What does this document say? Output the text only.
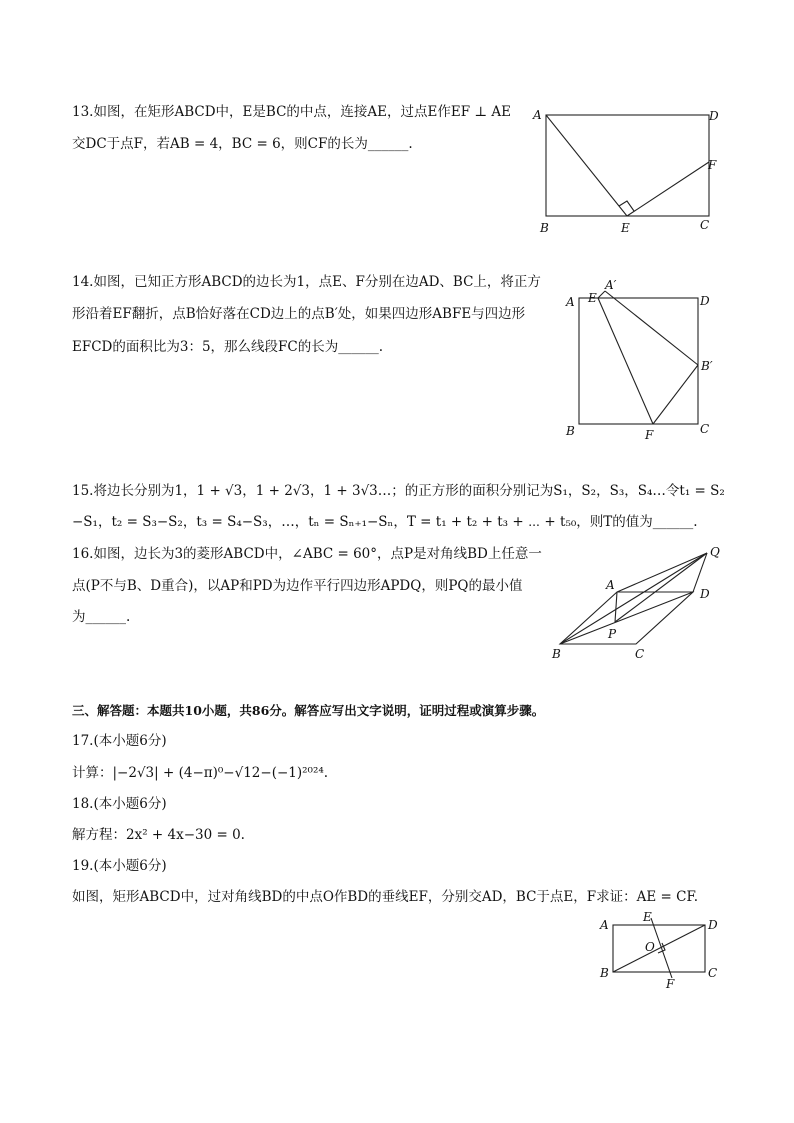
13.如图，在矩形ABCD中，E是BC的中点，连接AE，过点E作EF ⊥ AE
交DC于点F，若AB = 4，BC = 6，则CF的长为______.
A	D
F
B	E	C
14.如图，已知正方形ABCD的边长为1，点E、F分别在边AD、BC上，将正方
形沿着EF翻折，点B恰好落在CD边上的点B′处，如果四边形ABFE与四边形
EFCD的面积比为3：5，那么线段FC的长为______.
A E
A′
D
B′
B	F	C
15.将边长分别为1，1 + √3，1 + 2√3，1 + 3√3…；的正方形的面积分别记为S₁，S₂，S₃，S₄…令t₁ = S₂
−S₁，t₂ = S₃−S₂，t₃ = S₄−S₃，…，tₙ = Sₙ₊₁−Sₙ，T = t₁ + t₂ + t₃ + ⋯ + t₅₀，则T的值为______.
16.如图，边长为3的菱形ABCD中，∠ABC = 60°，点P是对角线BD上任意一
点(P不与B、D重合)，以AP和PD为边作平行四边形APDQ，则PQ的最小值
为______.
Q
A
D
P
B	C
三、解答题：本题共10小题，共86分。解答应写出文字说明，证明过程或演算步骤。
17.(本小题6分)
计算：|−2√3| + (4−π)⁰−√12−(−1)²⁰²⁴.
18.(本小题6分)
解方程：2x² + 4x−30 = 0.
19.(本小题6分)
如图，矩形ABCD中，过对角线BD的中点O作BD的垂线EF，分别交AD，BC于点E，F求证：AE = CF.
A
E
D
O
B
F
C
